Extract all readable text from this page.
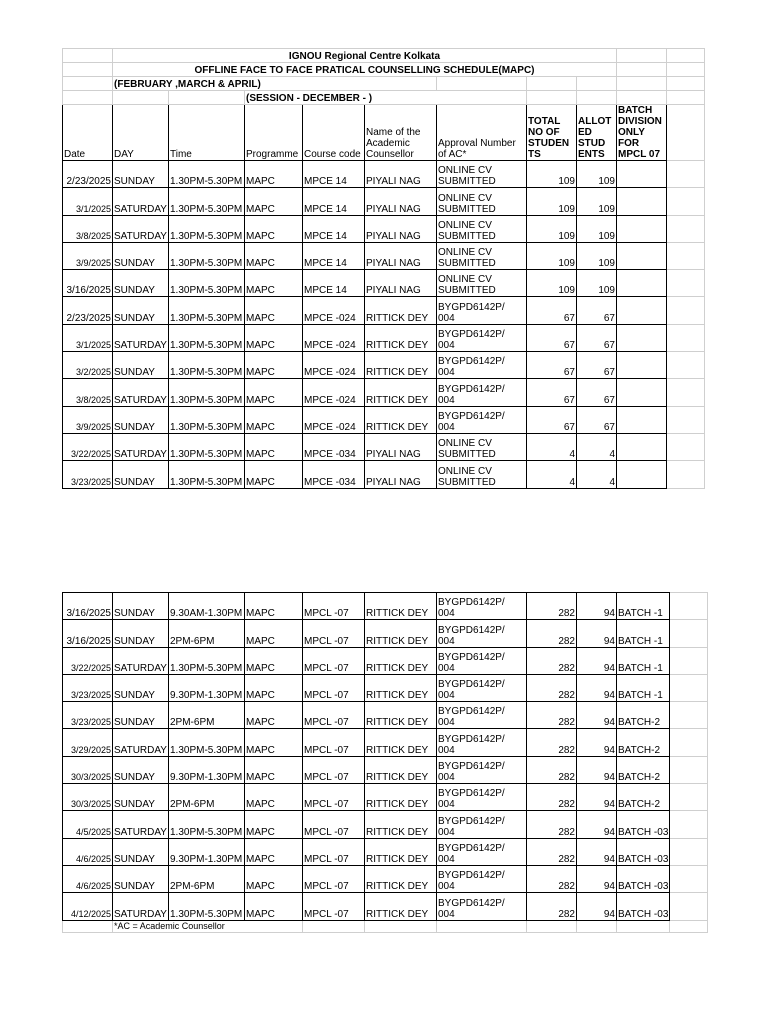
	IGNOU Regional Centre Kolkata									
	OFFLINE FACE TO FACE PRATICAL COUNSELLING SCHEDULE(MAPC)									
	(FEBRUARY ,MARCH & APRIL)									
			(SESSION - DECEMBER - )							
Date	DAY	Time	Programme	Course code	Name of the Academic Counsellor	Approval Number of AC*	TOTAL NO OF STUDEN TS	ALLOT ED STUD ENTS	BATCH DIVISION ONLY FOR MPCL 07	
2/23/2025	SUNDAY	1.30PM-5.30PM	MAPC	MPCE 14	PIYALI NAG	ONLINE CV
SUBMITTED	109	109		
3/1/2025	SATURDAY	1.30PM-5.30PM	MAPC	MPCE 14	PIYALI NAG	ONLINE CV
SUBMITTED	109	109		
3/8/2025	SATURDAY	1.30PM-5.30PM	MAPC	MPCE 14	PIYALI NAG	ONLINE CV
SUBMITTED	109	109		
3/9/2025	SUNDAY	1.30PM-5.30PM	MAPC	MPCE 14	PIYALI NAG	ONLINE CV
SUBMITTED	109	109		
3/16/2025	SUNDAY	1.30PM-5.30PM	MAPC	MPCE 14	PIYALI NAG	ONLINE CV
SUBMITTED	109	109		
2/23/2025	SUNDAY	1.30PM-5.30PM	MAPC	MPCE -024	RITTICK DEY	BYGPD6142P/
004	67	67		
3/1/2025	SATURDAY	1.30PM-5.30PM	MAPC	MPCE -024	RITTICK DEY	BYGPD6142P/
004	67	67		
3/2/2025	SUNDAY	1.30PM-5.30PM	MAPC	MPCE -024	RITTICK DEY	BYGPD6142P/
004	67	67		
3/8/2025	SATURDAY	1.30PM-5.30PM	MAPC	MPCE -024	RITTICK DEY	BYGPD6142P/
004	67	67		
3/9/2025	SUNDAY	1.30PM-5.30PM	MAPC	MPCE -024	RITTICK DEY	BYGPD6142P/
004	67	67		
3/22/2025	SATURDAY	1.30PM-5.30PM	MAPC	MPCE -034	PIYALI NAG	ONLINE CV
SUBMITTED	4	4		
3/23/2025	SUNDAY	1.30PM-5.30PM	MAPC	MPCE -034	PIYALI NAG	ONLINE CV
SUBMITTED	4	4		
3/16/2025	SUNDAY	9.30AM-1.30PM	MAPC	MPCL -07	RITTICK DEY	BYGPD6142P/
004	282	94	BATCH -1	
3/16/2025	SUNDAY	2PM-6PM	MAPC	MPCL -07	RITTICK DEY	BYGPD6142P/
004	282	94	BATCH -1	
3/22/2025	SATURDAY	1.30PM-5.30PM	MAPC	MPCL -07	RITTICK DEY	BYGPD6142P/
004	282	94	BATCH -1	
3/23/2025	SUNDAY	9.30PM-1.30PM	MAPC	MPCL -07	RITTICK DEY	BYGPD6142P/
004	282	94	BATCH -1	
3/23/2025	SUNDAY	2PM-6PM	MAPC	MPCL -07	RITTICK DEY	BYGPD6142P/
004	282	94	BATCH-2	
3/29/2025	SATURDAY	1.30PM-5.30PM	MAPC	MPCL -07	RITTICK DEY	BYGPD6142P/
004	282	94	BATCH-2	
30/3/2025	SUNDAY	9.30PM-1.30PM	MAPC	MPCL -07	RITTICK DEY	BYGPD6142P/
004	282	94	BATCH-2	
30/3/2025	SUNDAY	2PM-6PM	MAPC	MPCL -07	RITTICK DEY	BYGPD6142P/
004	282	94	BATCH-2	
4/5/2025	SATURDAY	1.30PM-5.30PM	MAPC	MPCL -07	RITTICK DEY	BYGPD6142P/
004	282	94	BATCH -03	
4/6/2025	SUNDAY	9.30PM-1.30PM	MAPC	MPCL -07	RITTICK DEY	BYGPD6142P/
004	282	94	BATCH -03	
4/6/2025	SUNDAY	2PM-6PM	MAPC	MPCL -07	RITTICK DEY	BYGPD6142P/
004	282	94	BATCH -03	
4/12/2025	SATURDAY	1.30PM-5.30PM	MAPC	MPCL -07	RITTICK DEY	BYGPD6142P/
004	282	94	BATCH -03	
	*AC = Academic Counsellor									
